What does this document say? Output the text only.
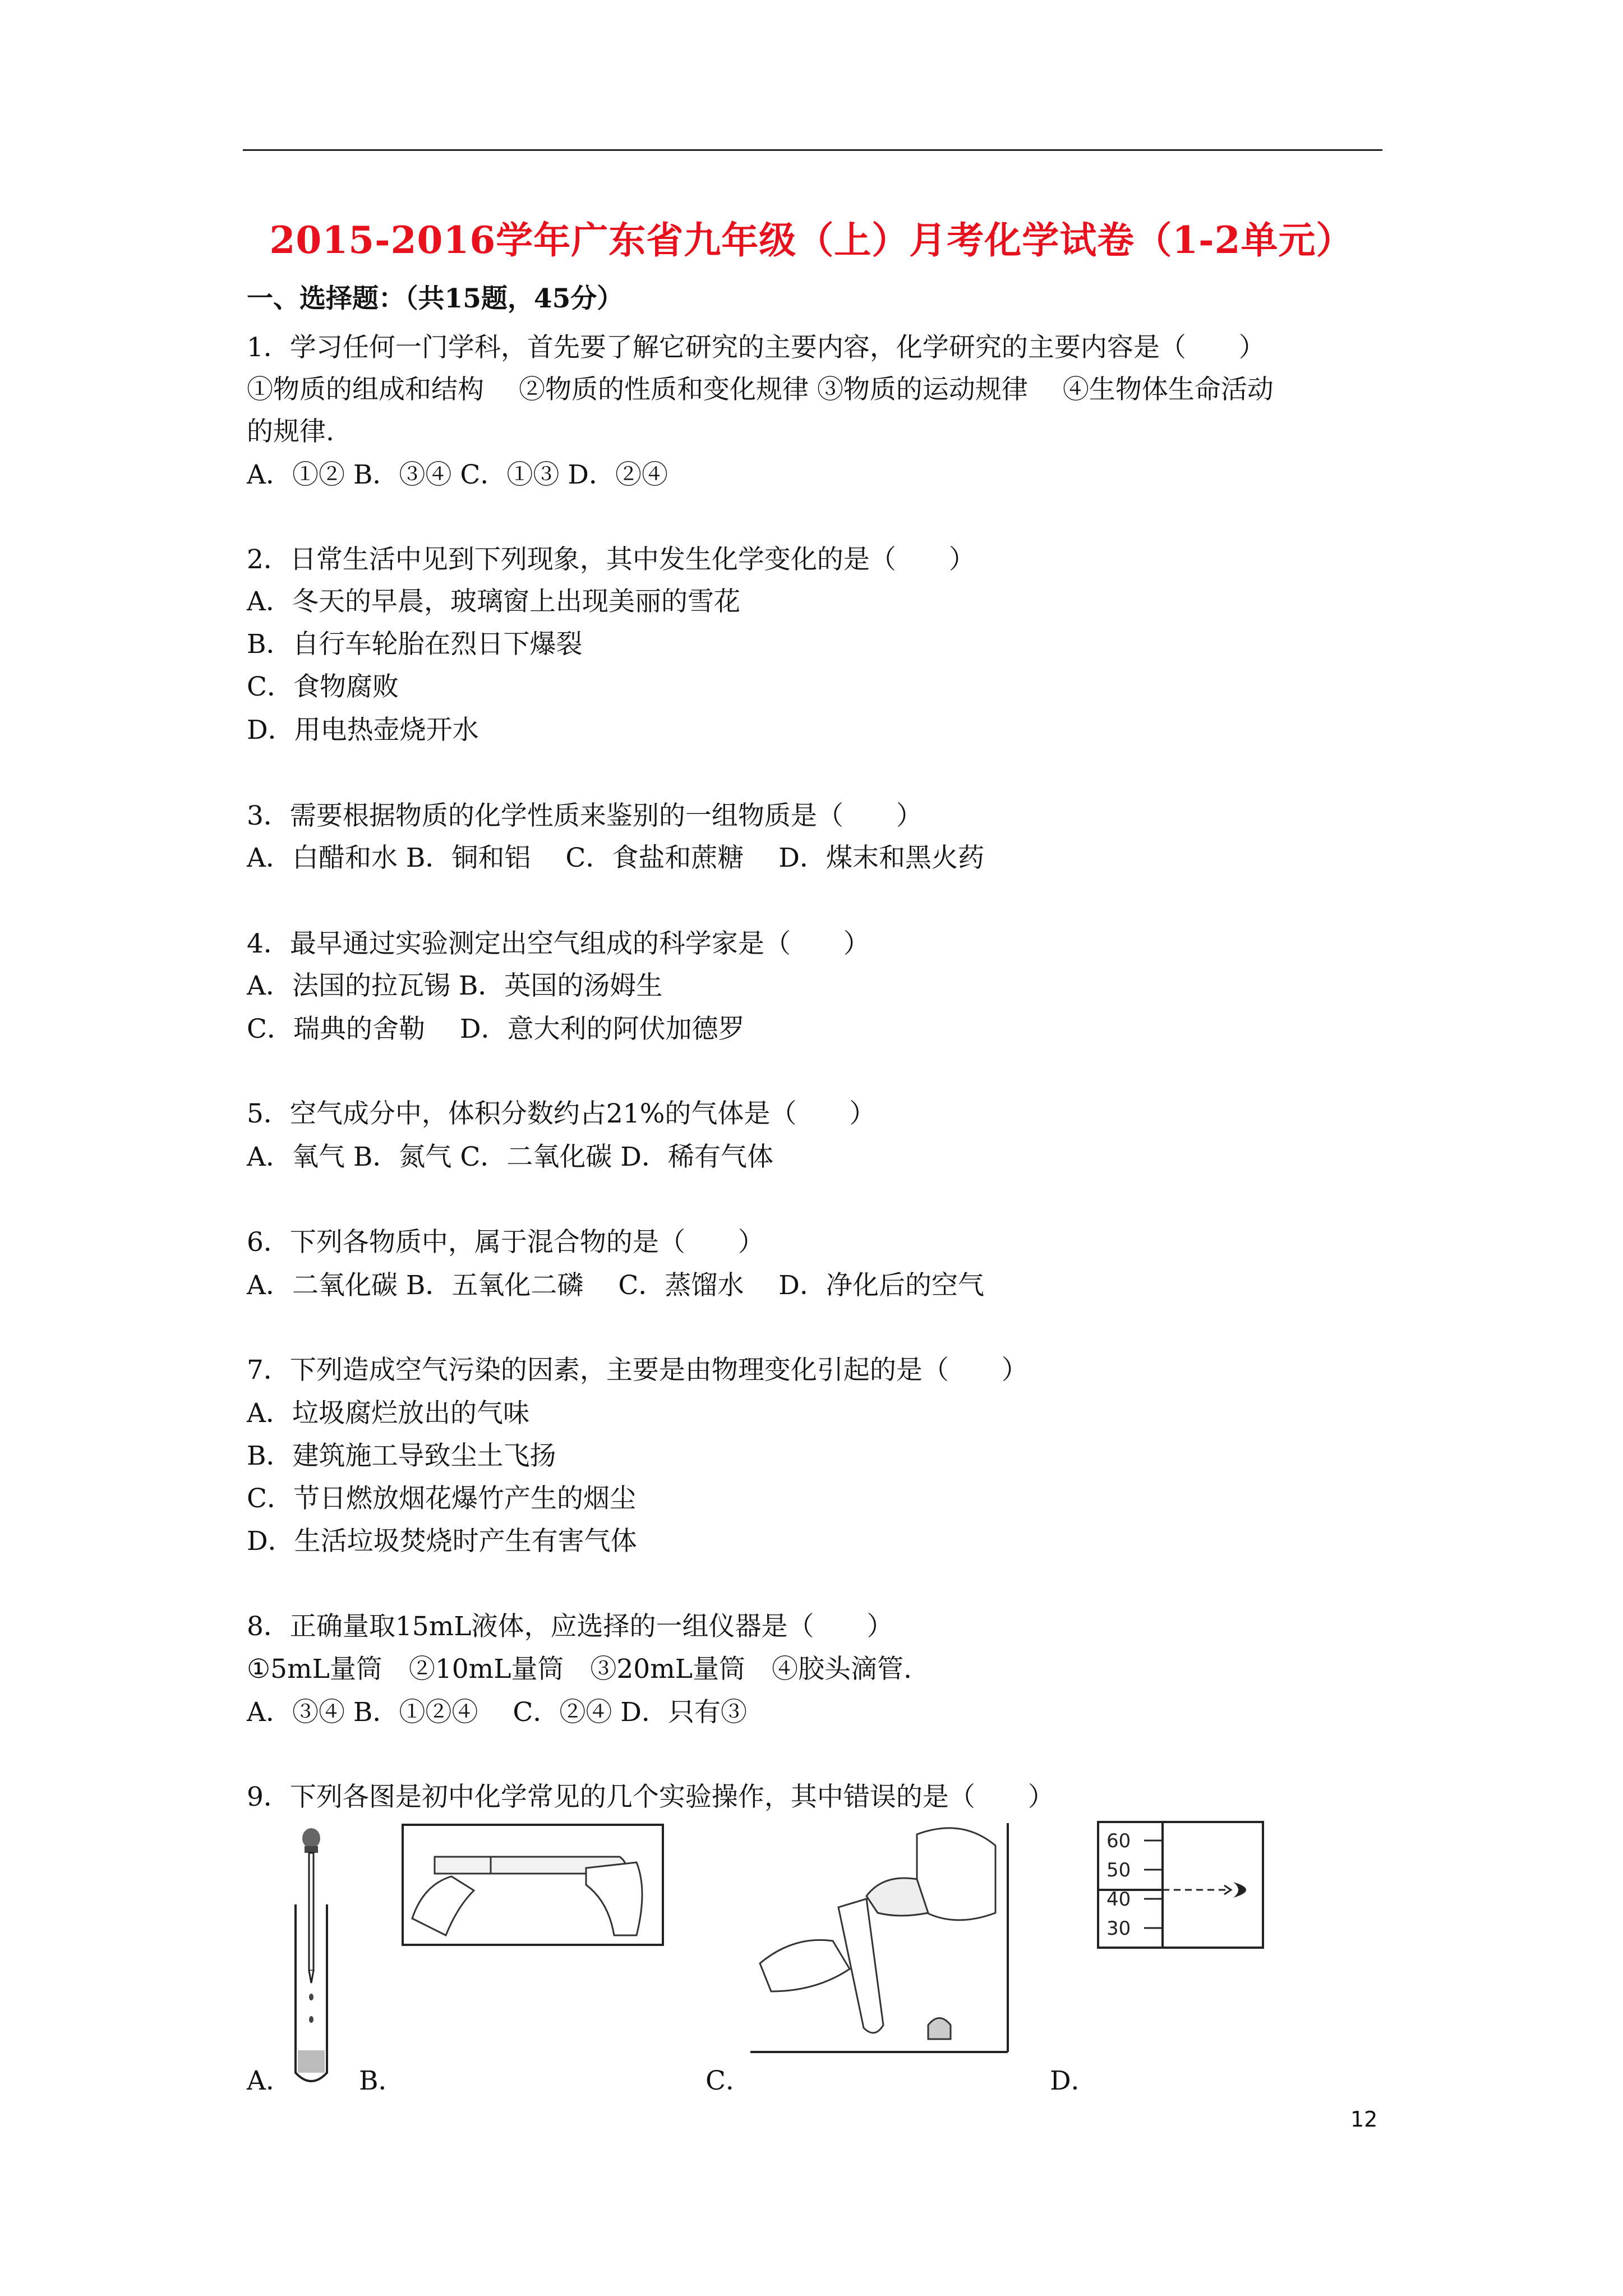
2015-2016学年广东省九年级（上）月考化学试卷（1-2单元）
一、选择题：（共15题，45分）
1．学习任何一门学科，首先要了解它研究的主要内容，化学研究的主要内容是（　　）
①物质的组成和结构　 ②物质的性质和变化规律 ③物质的运动规律　 ④生物体生命活动
的规律.
A．①② B．③④ C．①③ D．②④
2．日常生活中见到下列现象，其中发生化学变化的是（　　）
A．冬天的早晨，玻璃窗上出现美丽的雪花
B．自行车轮胎在烈日下爆裂
C．食物腐败
D．用电热壶烧开水
3．需要根据物质的化学性质来鉴别的一组物质是（　　）
A．白醋和水 B．铜和铝　 C．食盐和蔗糖　 D．煤末和黑火药
4．最早通过实验测定出空气组成的科学家是（　　）
A．法国的拉瓦锡 B．英国的汤姆生
C．瑞典的舍勒　 D．意大利的阿伏加德罗
5．空气成分中，体积分数约占21%的气体是（　　）
A．氧气 B．氮气 C．二氧化碳 D．稀有气体
6．下列各物质中，属于混合物的是（　　）
A．二氧化碳 B．五氧化二磷　 C．蒸馏水　 D．净化后的空气
7．下列造成空气污染的因素，主要是由物理变化引起的是（　　）
A．垃圾腐烂放出的气味
B．建筑施工导致尘土飞扬
C．节日燃放烟花爆竹产生的烟尘
D．生活垃圾焚烧时产生有害气体
8．正确量取15mL液体，应选择的一组仪器是（　　）
①5mL量筒　②10mL量筒　③20mL量筒　④胶头滴管.
A．③④ B．①②④　 C．②④ D．只有③
9．下列各图是初中化学常见的几个实验操作，其中错误的是（　　）
60
50
40
30
A．	B．	C．	D．
12
